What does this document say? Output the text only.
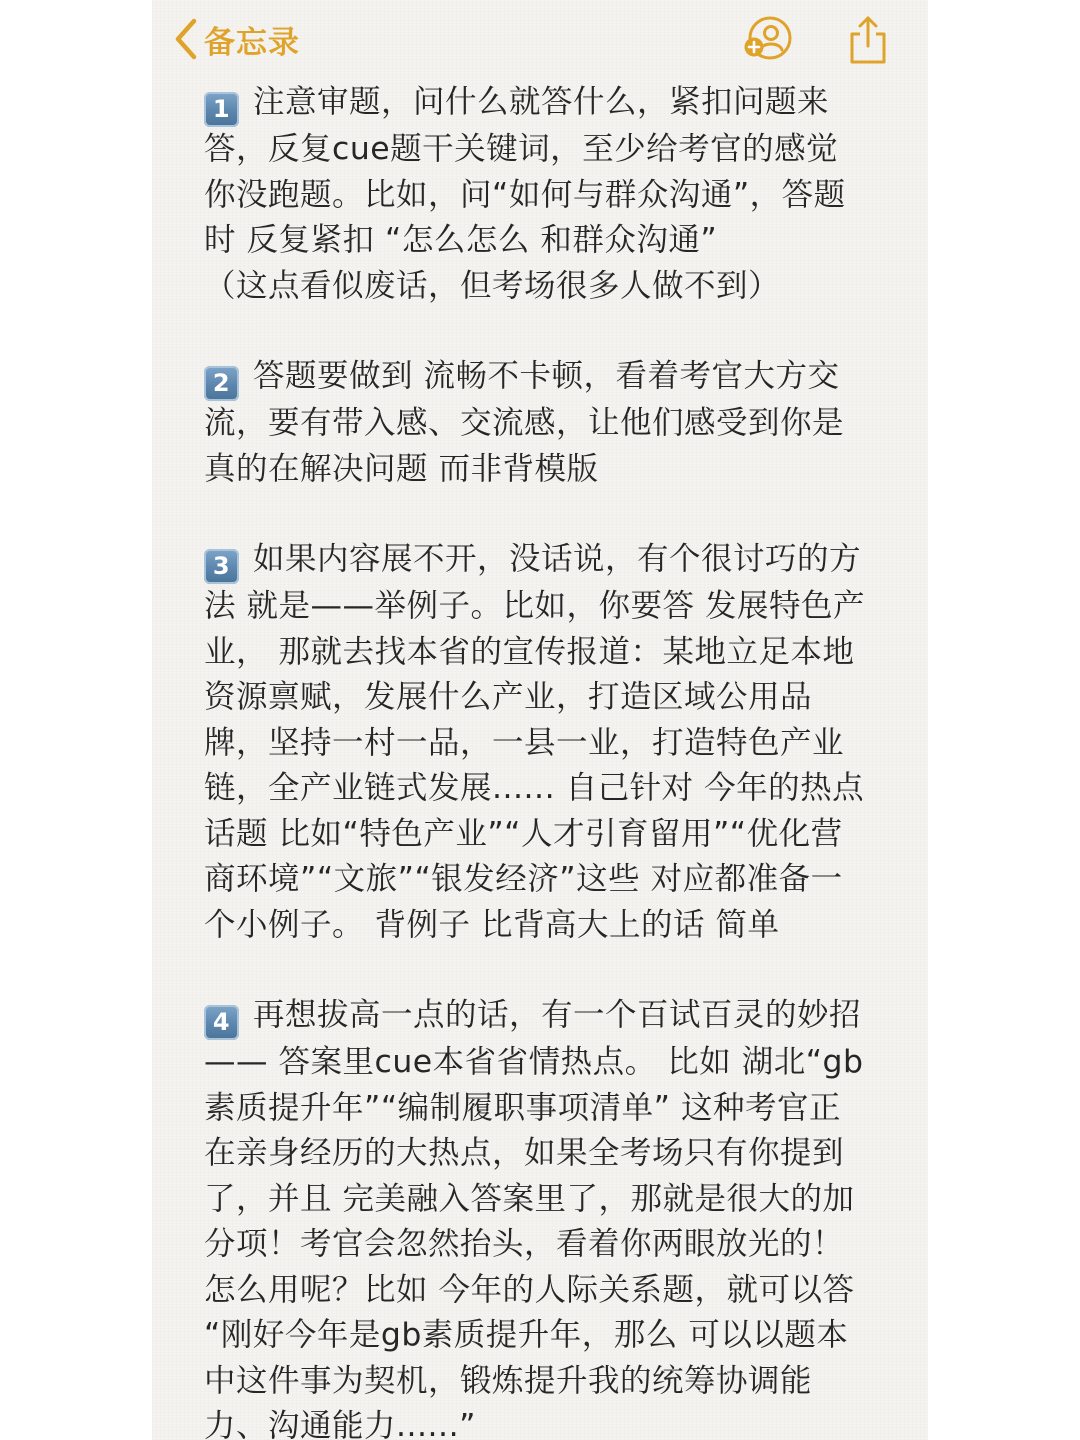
备忘录
1 注意审题，问什么就答什么，紧扣问题来
答，反复cue题干关键词，至少给考官的感觉
你没跑题。比如，问“如何与群众沟通”，答题
时 反复紧扣 “怎么怎么 和群众沟通”
（这点看似废话，但考场很多人做不到）
2 答题要做到 流畅不卡顿，看着考官大方交
流，要有带入感、交流感，让他们感受到你是
真的在解决问题 而非背模版
3 如果内容展不开，没话说，有个很讨巧的方
法 就是——举例子。比如，你要答 发展特色产
业， 那就去找本省的宣传报道：某地立足本地
资源禀赋，发展什么产业，打造区域公用品
牌，坚持一村一品，一县一业，打造特色产业
链，全产业链式发展...... 自己针对 今年的热点
话题 比如“特色产业”“人才引育留用”“优化营
商环境”“文旅”“银发经济”这些 对应都准备一
个小例子。 背例子 比背高大上的话 简单
4 再想拔高一点的话，有一个百试百灵的妙招
—— 答案里cue本省省情热点。 比如 湖北“gb
素质提升年”“编制履职事项清单” 这种考官正
在亲身经历的大热点，如果全考场只有你提到
了，并且 完美融入答案里了，那就是很大的加
分项！考官会忽然抬头，看着你两眼放光的！
怎么用呢？比如 今年的人际关系题，就可以答
“刚好今年是gb素质提升年，那么 可以以题本
中这件事为契机，锻炼提升我的统筹协调能
力、沟通能力......”
